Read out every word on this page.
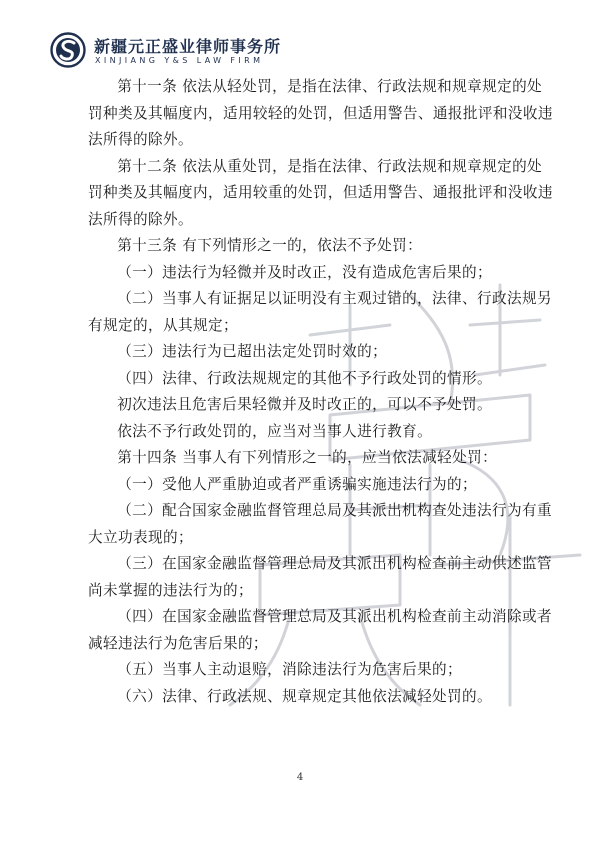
新疆元正盛业律师事务所
XINJIANG Y&S LAW FIRM

第十一条 依法从轻处罚，是指在法律、行政法规和规章规定的处罚种类及其幅度内，适用较轻的处罚，但适用警告、通报批评和没收违法所得的除外。

第十二条 依法从重处罚，是指在法律、行政法规和规章规定的处罚种类及其幅度内，适用较重的处罚，但适用警告、通报批评和没收违法所得的除外。

第十三条 有下列情形之一的，依法不予处罚：

（一）违法行为轻微并及时改正，没有造成危害后果的；

（二）当事人有证据足以证明没有主观过错的，法律、行政法规另有规定的，从其规定；

（三）违法行为已超出法定处罚时效的；

（四）法律、行政法规规定的其他不予行政处罚的情形。

初次违法且危害后果轻微并及时改正的，可以不予处罚。

依法不予行政处罚的，应当对当事人进行教育。

第十四条 当事人有下列情形之一的，应当依法减轻处罚：

（一）受他人严重胁迫或者严重诱骗实施违法行为的；

（二）配合国家金融监督管理总局及其派出机构查处违法行为有重大立功表现的；

（三）在国家金融监督管理总局及其派出机构检查前主动供述监管尚未掌握的违法行为的；

（四）在国家金融监督管理总局及其派出机构检查前主动消除或者减轻违法行为危害后果的；

（五）当事人主动退赔，消除违法行为危害后果的；

（六）法律、行政法规、规章规定其他依法减轻处罚的。

4
